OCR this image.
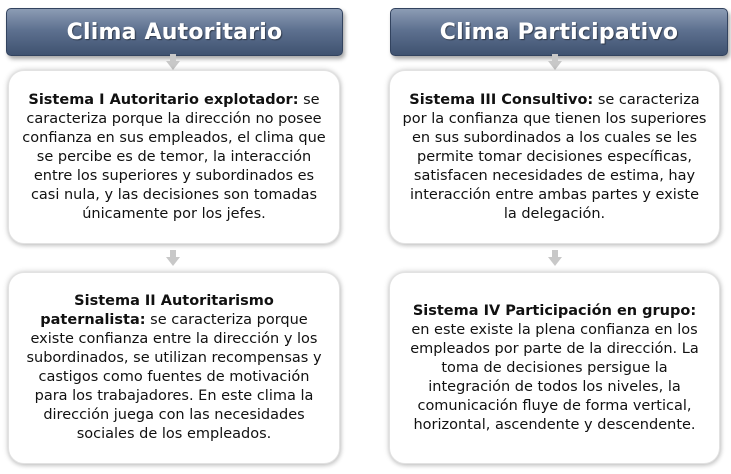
Clima Autoritario	Clima Participativo

Sistema I Autoritario explotador: se caracteriza porque la dirección no posee confianza en sus empleados, el clima que se percibe es de temor, la interacción entre los superiores y subordinados es casi nula, y las decisiones son tomadas únicamente por los jefes.

Sistema II Autoritarismo paternalista: se caracteriza porque existe confianza entre la dirección y los subordinados, se utilizan recompensas y castigos como fuentes de motivación para los trabajadores. En este clima la dirección juega con las necesidades sociales de los empleados.

Sistema III Consultivo: se caracteriza por la confianza que tienen los superiores en sus subordinados a los cuales se les permite tomar decisiones específicas, satisfacen necesidades de estima, hay interacción entre ambas partes y existe la delegación.

Sistema IV Participación en grupo: en este existe la plena confianza en los empleados por parte de la dirección. La toma de decisiones persigue la integración de todos los niveles, la comunicación fluye de forma vertical, horizontal, ascendente y descendente.
